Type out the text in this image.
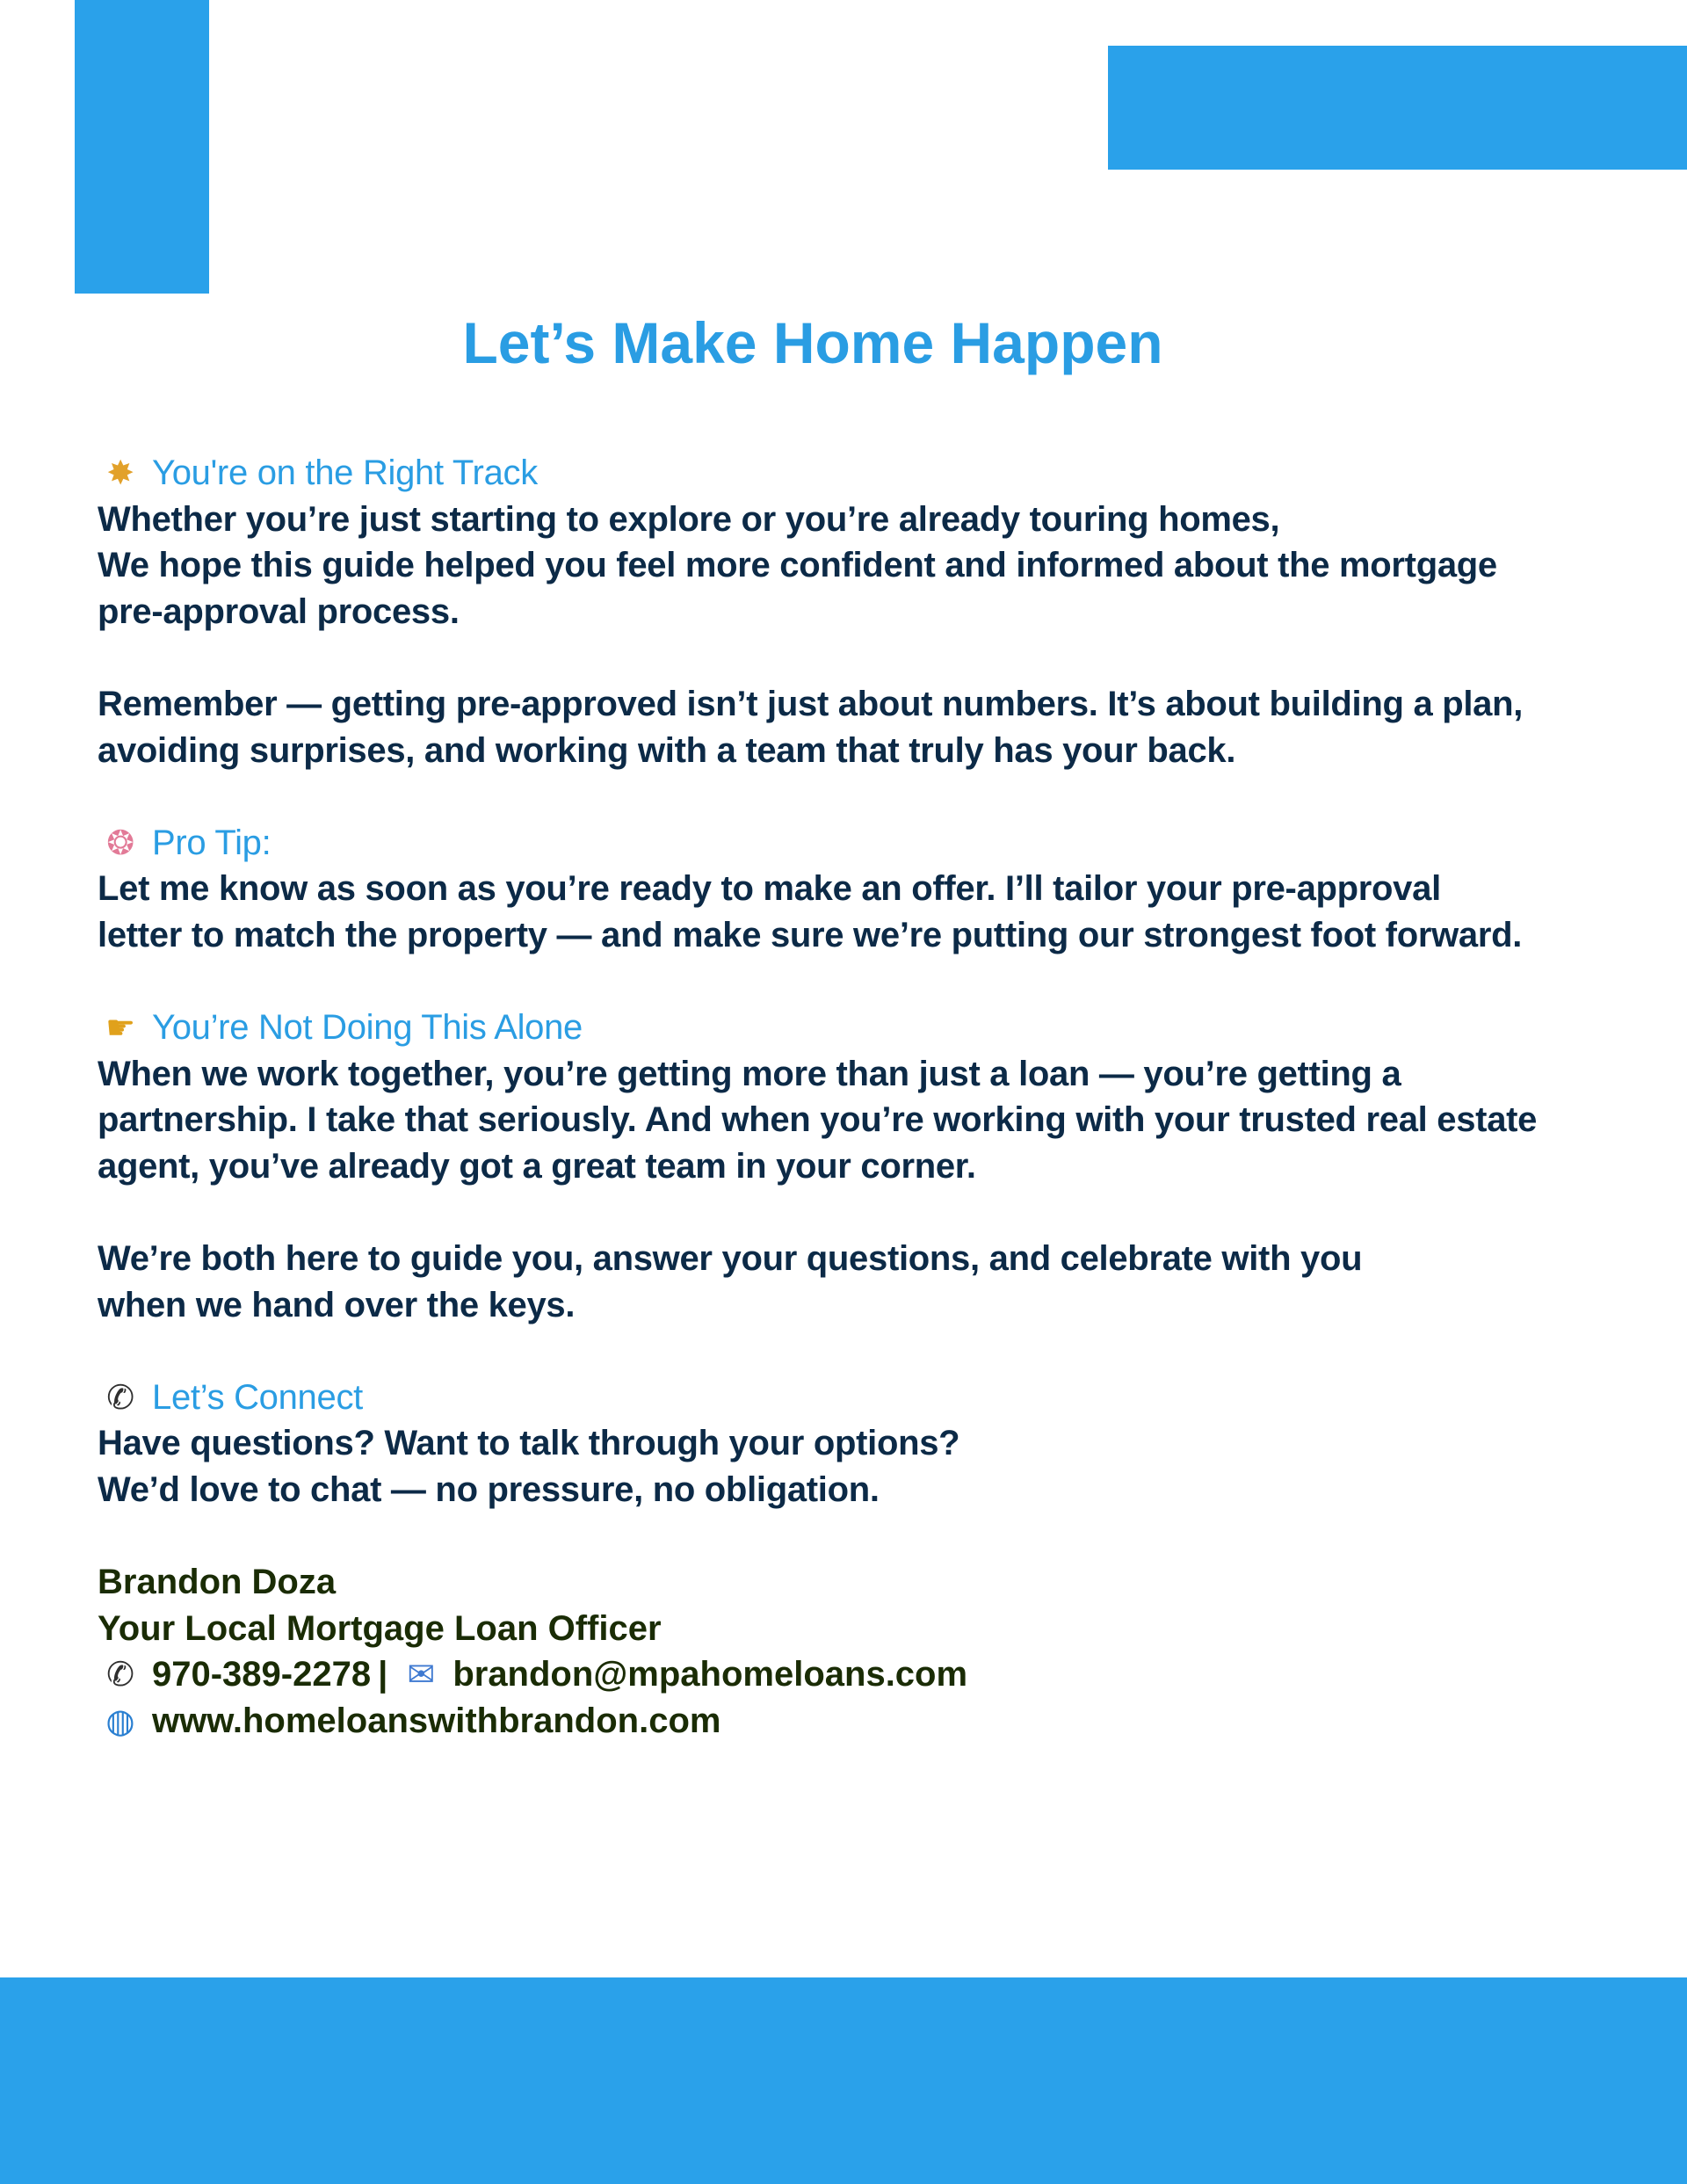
Let’s Make Home Happen
✸ You're on the Right Track
Whether you’re just starting to explore or you’re already touring homes,
We hope this guide helped you feel more confident and informed about the mortgage
pre-approval process.
Remember — getting pre-approved isn’t just about numbers. It’s about building a plan,
avoiding surprises, and working with a team that truly has your back.
❂ Pro Tip:
Let me know as soon as you’re ready to make an offer. I’ll tailor your pre-approval
letter to match the property — and make sure we’re putting our strongest foot forward.
☛ You’re Not Doing This Alone
When we work together, you’re getting more than just a loan — you’re getting a
partnership. I take that seriously. And when you’re working with your trusted real estate
agent, you’ve already got a great team in your corner.
We’re both here to guide you, answer your questions, and celebrate with you
when we hand over the keys.
✆ Let’s Connect
Have questions? Want to talk through your options?
We’d love to chat — no pressure, no obligation.
Brandon Doza
Your Local Mortgage Loan Officer
✆ 970-389-2278 | ✉ brandon@mpahomeloans.com
◍ www.homeloanswithbrandon.com
